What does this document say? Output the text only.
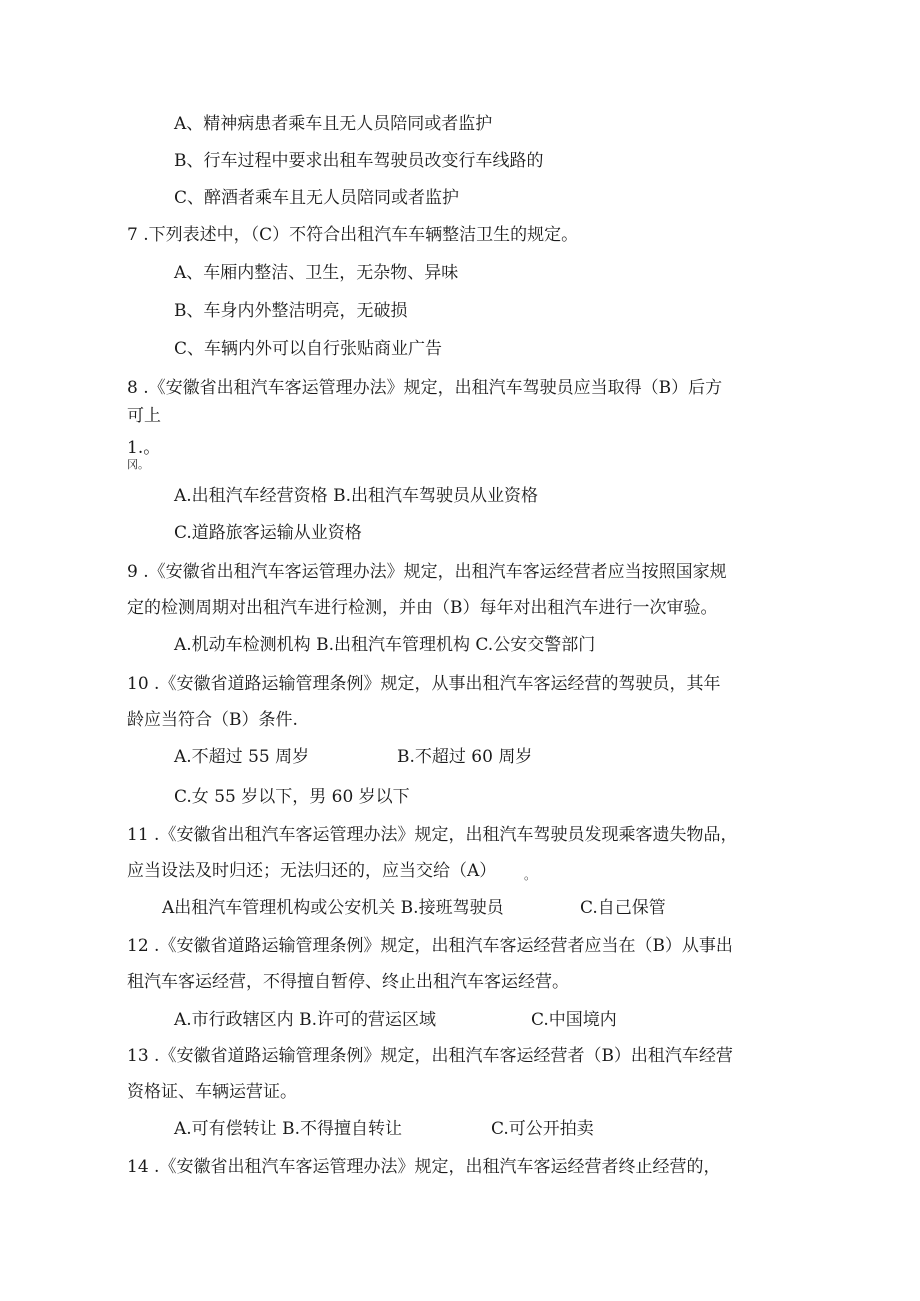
A、精神病患者乘车且无人员陪同或者监护
B、行车过程中要求出租车驾驶员改变行车线路的
C、醉酒者乘车且无人员陪同或者监护
7 .下列表述中，（C）不符合出租汽车车辆整洁卫生的规定。
A、车厢内整洁、卫生，无杂物、异味
B、车身内外整洁明亮，无破损
C、车辆内外可以自行张贴商业广告
8 .《安徽省出租汽车客运管理办法》规定，出租汽车驾驶员应当取得（B）后方
可上
1.。
冈。
A.出租汽车经营资格 B.出租汽车驾驶员从业资格
C.道路旅客运输从业资格
9 .《安徽省出租汽车客运管理办法》规定，出租汽车客运经营者应当按照国家规
定的检测周期对出租汽车进行检测，并由（B）每年对出租汽车进行一次审验。
A.机动车检测机构 B.出租汽车管理机构 C.公安交警部门
10 .《安徽省道路运输管理条例》规定，从事出租汽车客运经营的驾驶员，其年
龄应当符合（B）条件.
A.不超过 55 周岁	B.不超过 60 周岁
C.女 55 岁以下，男 60 岁以下
11 .《安徽省出租汽车客运管理办法》规定，出租汽车驾驶员发现乘客遗失物品，
应当设法及时归还；无法归还的，应当交给（A） 。
A出租汽车管理机构或公安机关 B.接班驾驶员	C.自己保管
12 .《安徽省道路运输管理条例》规定，出租汽车客运经营者应当在（B）从事出
租汽车客运经营，不得擅自暂停、终止出租汽车客运经营。
A.市行政辖区内 B.许可的营运区域	C.中国境内
13 .《安徽省道路运输管理条例》规定，出租汽车客运经营者（B）出租汽车经营
资格证、车辆运营证。
A.可有偿转让 B.不得擅自转让	C.可公开拍卖
14 .《安徽省出租汽车客运管理办法》规定，出租汽车客运经营者终止经营的，
